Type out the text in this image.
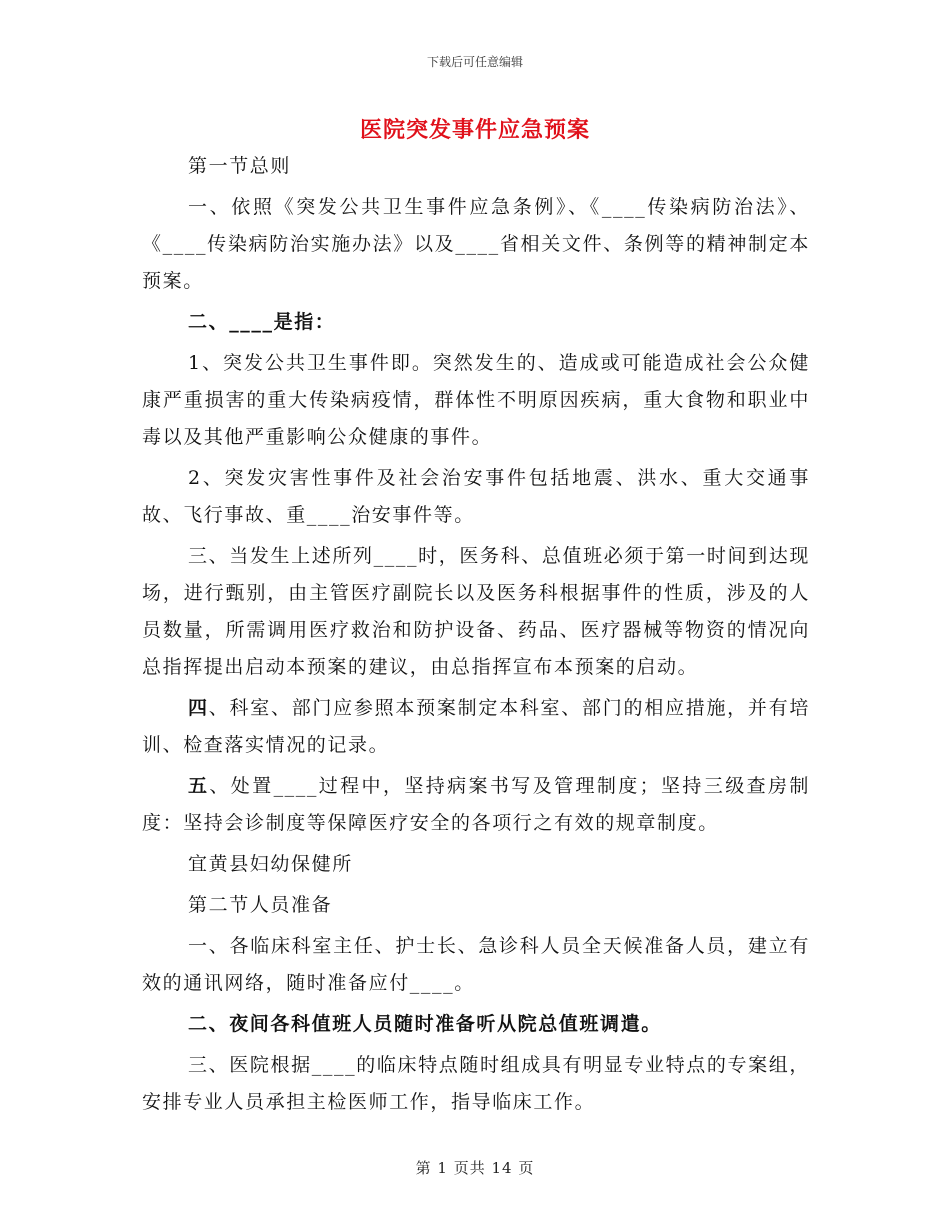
下载后可任意编辑
医院突发事件应急预案

第一节总则

一、依照《突发公共卫生事件应急条例》、《____传染病防治法》、《____传染病防治实施办法》以及____省相关文件、条例等的精神制定本预案。

二、____是指：

1、突发公共卫生事件即。突然发生的、造成或可能造成社会公众健康严重损害的重大传染病疫情，群体性不明原因疾病，重大食物和职业中毒以及其他严重影响公众健康的事件。

2、突发灾害性事件及社会治安事件包括地震、洪水、重大交通事故、飞行事故、重____治安事件等。

三、当发生上述所列____时，医务科、总值班必须于第一时间到达现场，进行甄别，由主管医疗副院长以及医务科根据事件的性质，涉及的人员数量，所需调用医疗救治和防护设备、药品、医疗器械等物资的情况向总指挥提出启动本预案的建议，由总指挥宣布本预案的启动。

四、科室、部门应参照本预案制定本科室、部门的相应措施，并有培训、检查落实情况的记录。

五、处置____过程中，坚持病案书写及管理制度；坚持三级查房制度：坚持会诊制度等保障医疗安全的各项行之有效的规章制度。

宜黄县妇幼保健所

第二节人员准备

一、各临床科室主任、护士长、急诊科人员全天候准备人员，建立有效的通讯网络，随时准备应付____。

二、夜间各科值班人员随时准备听从院总值班调遣。

三、医院根据____的临床特点随时组成具有明显专业特点的专案组，安排专业人员承担主检医师工作，指导临床工作。

第 1 页共 14 页
